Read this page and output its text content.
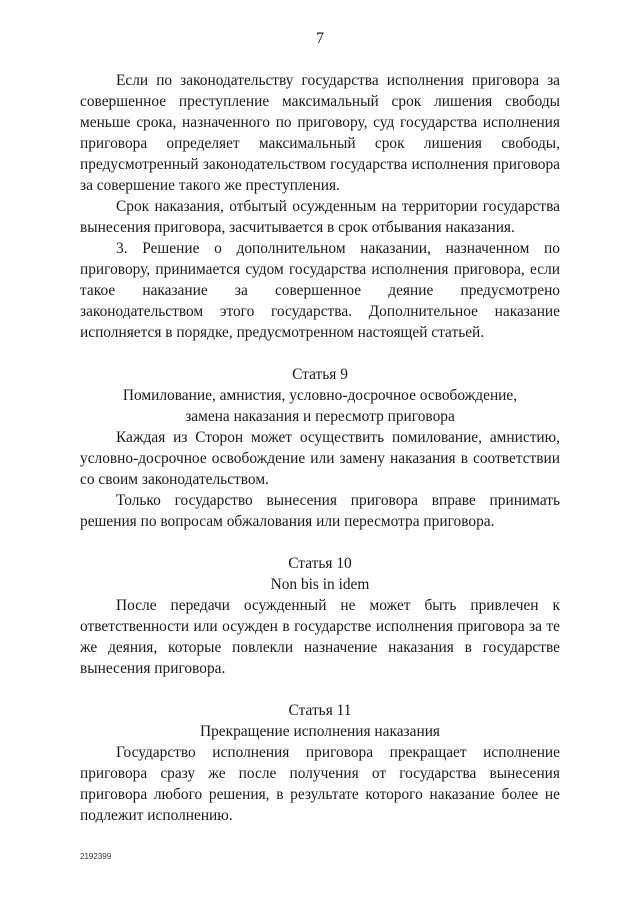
7

Если по законодательству государства исполнения приговора за совершенное преступление максимальный срок лишения свободы меньше срока, назначенного по приговору, суд государства исполнения приговора определяет максимальный срок лишения свободы, предусмотренный законодательством государства исполнения приговора за совершение такого же преступления.

Срок наказания, отбытый осужденным на территории государства вынесения приговора, засчитывается в срок отбывания наказания.

3. Решение о дополнительном наказании, назначенном по приговору, принимается судом государства исполнения приговора, если такое наказание за совершенное деяние предусмотрено законодательством этого государства. Дополнительное наказание исполняется в порядке, предусмотренном настоящей статьей.

Статья 9
Помилование, амнистия, условно-досрочное освобождение,
замена наказания и пересмотр приговора

Каждая из Сторон может осуществить помилование, амнистию, условно-досрочное освобождение или замену наказания в соответствии со своим законодательством.

Только государство вынесения приговора вправе принимать решения по вопросам обжалования или пересмотра приговора.

Статья 10
Non bis in idem

После передачи осужденный не может быть привлечен к ответственности или осужден в государстве исполнения приговора за те же деяния, которые повлекли назначение наказания в государстве вынесения приговора.

Статья 11
Прекращение исполнения наказания

Государство исполнения приговора прекращает исполнение приговора сразу же после получения от государства вынесения приговора любого решения, в результате которого наказание более не подлежит исполнению.

2192399
